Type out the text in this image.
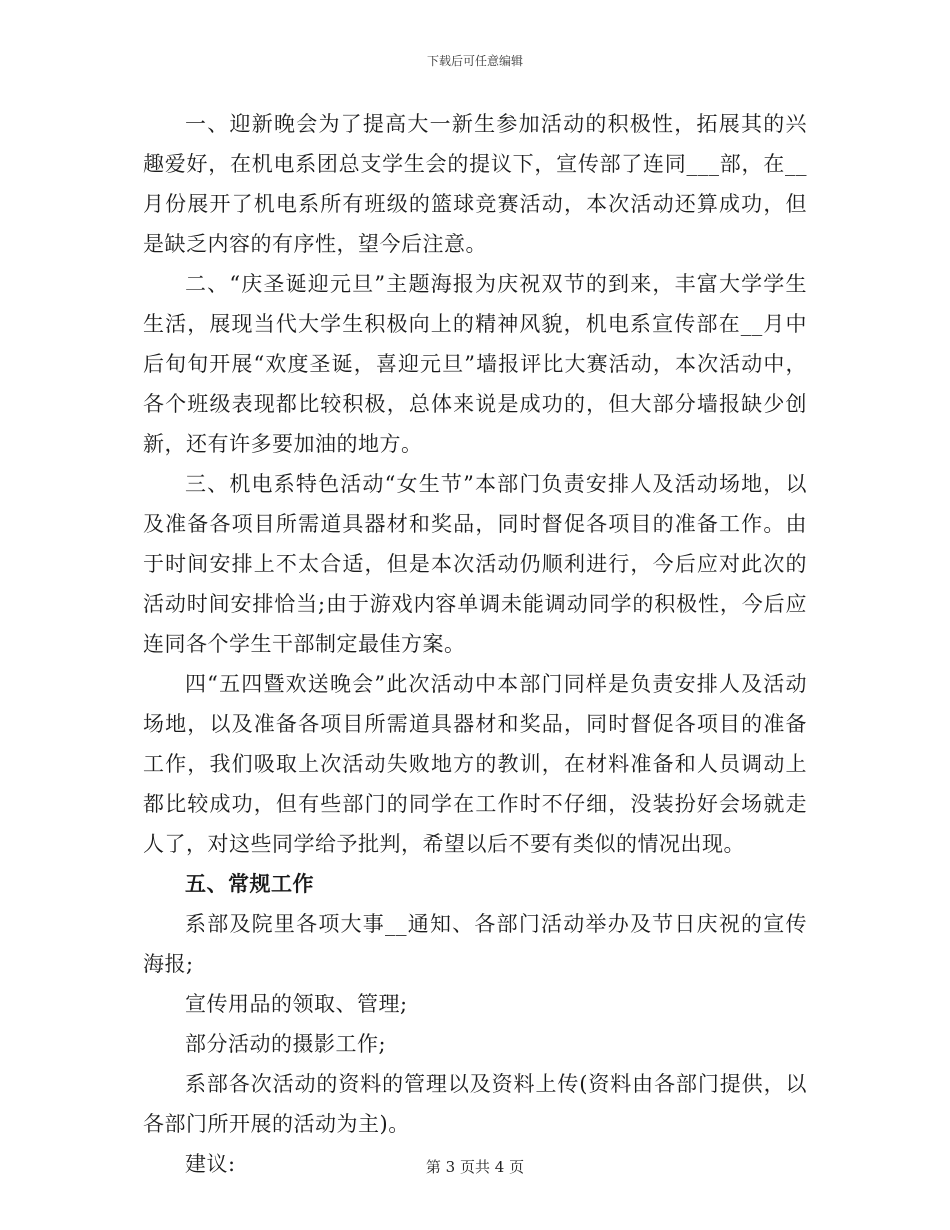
下载后可任意编辑

一、迎新晚会为了提高大一新生参加活动的积极性，拓展其的兴趣爱好，在机电系团总支学生会的提议下，宣传部了连同___部，在__月份展开了机电系所有班级的篮球竞赛活动，本次活动还算成功，但是缺乏内容的有序性，望今后注意。

二、“庆圣诞迎元旦”主题海报为庆祝双节的到来，丰富大学学生生活，展现当代大学生积极向上的精神风貌，机电系宣传部在__月中后旬旬开展“欢度圣诞，喜迎元旦”墙报评比大赛活动，本次活动中，各个班级表现都比较积极，总体来说是成功的，但大部分墙报缺少创新，还有许多要加油的地方。

三、机电系特色活动“女生节”本部门负责安排人及活动场地，以及准备各项目所需道具器材和奖品，同时督促各项目的准备工作。由于时间安排上不太合适，但是本次活动仍顺利进行，今后应对此次的活动时间安排恰当;由于游戏内容单调未能调动同学的积极性，今后应连同各个学生干部制定最佳方案。

四“五四暨欢送晚会”此次活动中本部门同样是负责安排人及活动场地，以及准备各项目所需道具器材和奖品，同时督促各项目的准备工作，我们吸取上次活动失败地方的教训，在材料准备和人员调动上都比较成功，但有些部门的同学在工作时不仔细，没装扮好会场就走人了，对这些同学给予批判，希望以后不要有类似的情况出现。

五、常规工作

系部及院里各项大事__通知、各部门活动举办及节日庆祝的宣传海报;

宣传用品的领取、管理;

部分活动的摄影工作;

系部各次活动的资料的管理以及资料上传(资料由各部门提供，以各部门所开展的活动为主)。

建议:	第 3 页共 4 页
